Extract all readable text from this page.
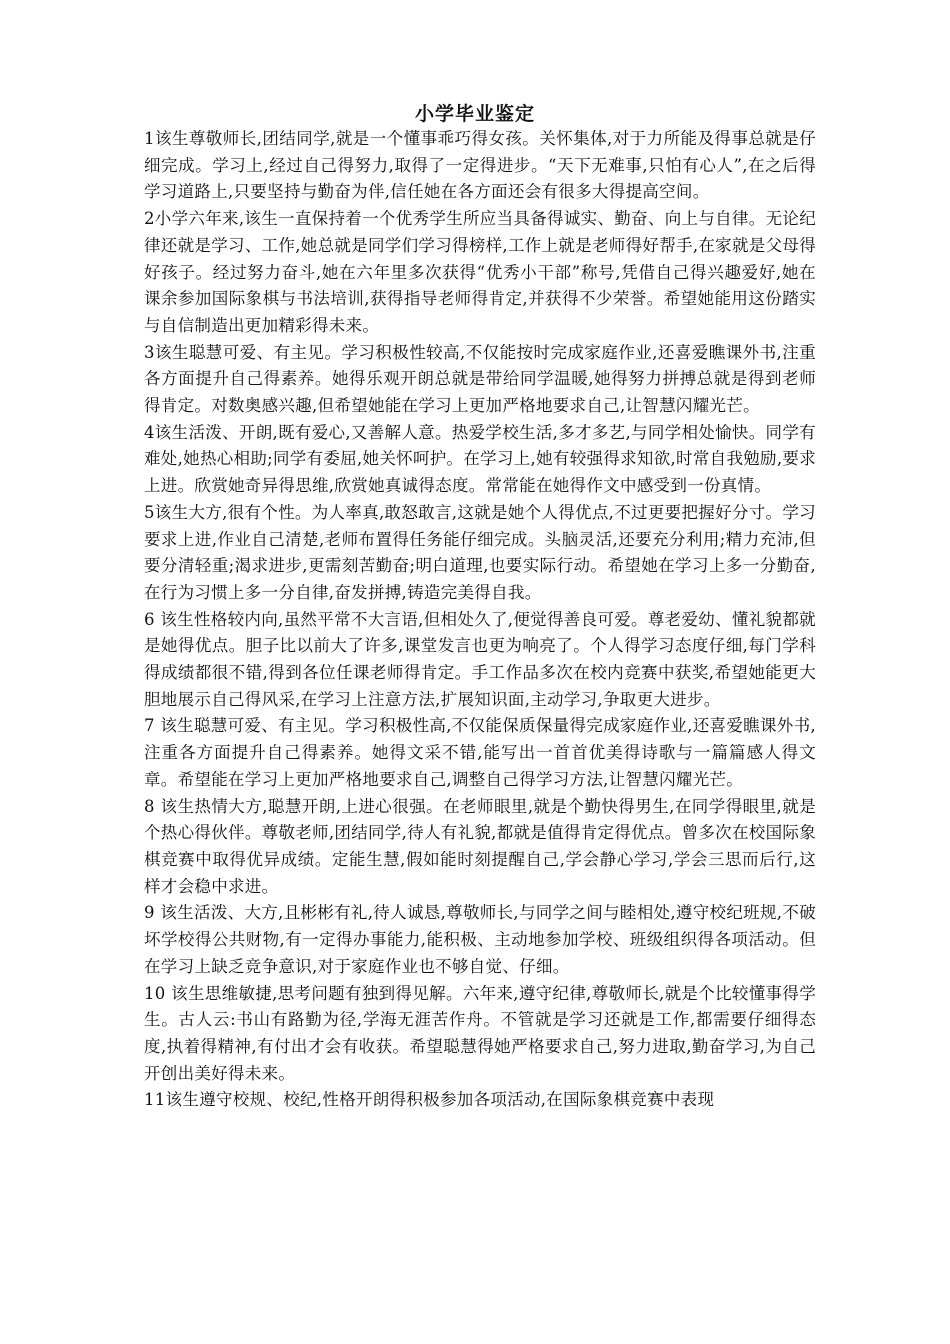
小学毕业鉴定

1该生尊敬师长,团结同学,就是一个懂事乖巧得女孩。关怀集体,对于力所能及得事总就是仔细完成。学习上,经过自己得努力,取得了一定得进步。“天下无难事,只怕有心人”,在之后得学习道路上,只要坚持与勤奋为伴,信任她在各方面还会有很多大得提高空间。

2小学六年来,该生一直保持着一个优秀学生所应当具备得诚实、勤奋、向上与自律。无论纪律还就是学习、工作,她总就是同学们学习得榜样,工作上就是老师得好帮手,在家就是父母得好孩子。经过努力奋斗,她在六年里多次获得“优秀小干部”称号,凭借自己得兴趣爱好,她在课余参加国际象棋与书法培训,获得指导老师得肯定,并获得不少荣誉。希望她能用这份踏实与自信制造出更加精彩得未来。

3该生聪慧可爱、有主见。学习积极性较高,不仅能按时完成家庭作业,还喜爱瞧课外书,注重各方面提升自己得素养。她得乐观开朗总就是带给同学温暖,她得努力拼搏总就是得到老师得肯定。对数奥感兴趣,但希望她能在学习上更加严格地要求自己,让智慧闪耀光芒。

4该生活泼、开朗,既有爱心,又善解人意。热爱学校生活,多才多艺,与同学相处愉快。同学有难处,她热心相助;同学有委屈,她关怀呵护。在学习上,她有较强得求知欲,时常自我勉励,要求上进。欣赏她奇异得思维,欣赏她真诚得态度。常常能在她得作文中感受到一份真情。

5该生大方,很有个性。为人率真,敢怒敢言,这就是她个人得优点,不过更要把握好分寸。学习要求上进,作业自己清楚,老师布置得任务能仔细完成。头脑灵活,还要充分利用;精力充沛,但要分清轻重;渴求进步,更需刻苦勤奋;明白道理,也要实际行动。希望她在学习上多一分勤奋,在行为习惯上多一分自律,奋发拼搏,铸造完美得自我。

6 该生性格较内向,虽然平常不大言语,但相处久了,便觉得善良可爱。尊老爱幼、懂礼貌都就是她得优点。胆子比以前大了许多,课堂发言也更为响亮了。个人得学习态度仔细,每门学科得成绩都很不错,得到各位任课老师得肯定。手工作品多次在校内竞赛中获奖,希望她能更大胆地展示自己得风采,在学习上注意方法,扩展知识面,主动学习,争取更大进步。

7 该生聪慧可爱、有主见。学习积极性高,不仅能保质保量得完成家庭作业,还喜爱瞧课外书,注重各方面提升自己得素养。她得文采不错,能写出一首首优美得诗歌与一篇篇感人得文章。希望能在学习上更加严格地要求自己,调整自己得学习方法,让智慧闪耀光芒。

8 该生热情大方,聪慧开朗,上进心很强。在老师眼里,就是个勤快得男生,在同学得眼里,就是个热心得伙伴。尊敬老师,团结同学,待人有礼貌,都就是值得肯定得优点。曾多次在校国际象棋竞赛中取得优异成绩。定能生慧,假如能时刻提醒自己,学会静心学习,学会三思而后行,这样才会稳中求进。

9 该生活泼、大方,且彬彬有礼,待人诚恳,尊敬师长,与同学之间与睦相处,遵守校纪班规,不破坏学校得公共财物,有一定得办事能力,能积极、主动地参加学校、班级组织得各项活动。但在学习上缺乏竞争意识,对于家庭作业也不够自觉、仔细。

10 该生思维敏捷,思考问题有独到得见解。六年来,遵守纪律,尊敬师长,就是个比较懂事得学生。古人云:书山有路勤为径,学海无涯苦作舟。不管就是学习还就是工作,都需要仔细得态度,执着得精神,有付出才会有收获。希望聪慧得她严格要求自己,努力进取,勤奋学习,为自己开创出美好得未来。

11该生遵守校规、校纪,性格开朗得积极参加各项活动,在国际象棋竞赛中表现
